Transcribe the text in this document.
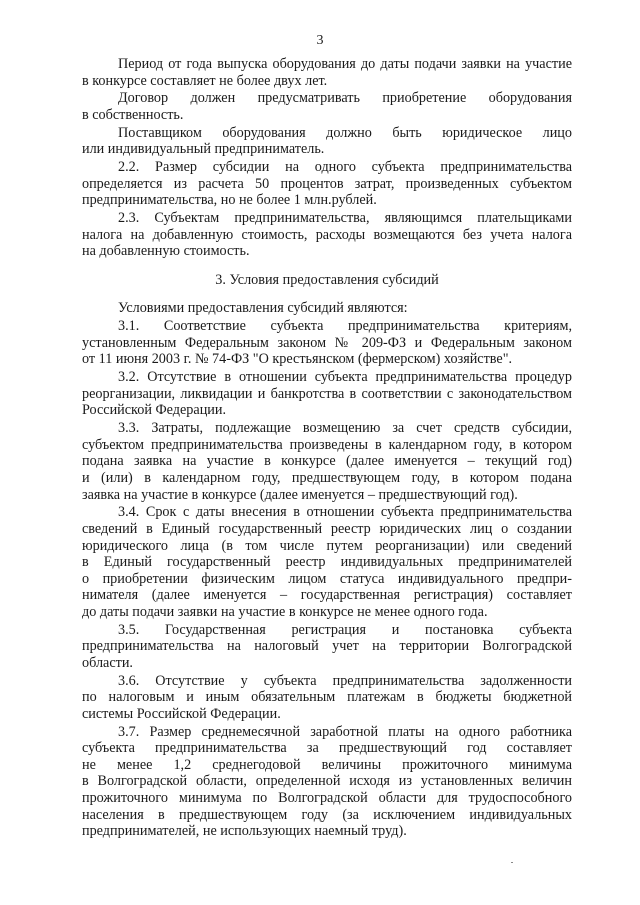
3
Период от года выпуска оборудования до даты подачи заявки на участие
в конкурсе составляет не более двух лет.
Договор должен предусматривать приобретение оборудования
в собственность.
Поставщиком оборудования должно быть юридическое лицо
или индивидуальный предприниматель.
2.2. Размер субсидии на одного субъекта предпринимательства
определяется из расчета 50 процентов затрат, произведенных субъектом
предпринимательства, но не более 1 млн.рублей.
2.3. Субъектам предпринимательства, являющимся плательщиками
налога на добавленную стоимость, расходы возмещаются без учета налога
на добавленную стоимость.
3. Условия предоставления субсидий
Условиями предоставления субсидий являются:
3.1. Соответствие субъекта предпринимательства критериям,
установленным Федеральным законом № 209-ФЗ и Федеральным законом
от 11 июня 2003 г. № 74-ФЗ "О крестьянском (фермерском) хозяйстве".
3.2. Отсутствие в отношении субъекта предпринимательства процедур
реорганизации, ликвидации и банкротства в соответствии с законодательством
Российской Федерации.
3.3. Затраты, подлежащие возмещению за счет средств субсидии,
субъектом предпринимательства произведены в календарном году, в котором
подана заявка на участие в конкурсе (далее именуется – текущий год)
и (или) в календарном году, предшествующем году, в котором подана
заявка на участие в конкурсе (далее именуется – предшествующий год).
3.4. Срок с даты внесения в отношении субъекта предпринимательства
сведений в Единый государственный реестр юридических лиц о создании
юридического лица (в том числе путем реорганизации) или сведений
в Единый государственный реестр индивидуальных предпринимателей
о приобретении физическим лицом статуса индивидуального предпри-
нимателя (далее именуется – государственная регистрация) составляет
до даты подачи заявки на участие в конкурсе не менее одного года.
3.5. Государственная регистрация и постановка субъекта
предпринимательства на налоговый учет на территории Волгоградской
области.
3.6. Отсутствие у субъекта предпринимательства задолженности
по налоговым и иным обязательным платежам в бюджеты бюджетной
системы Российской Федерации.
3.7. Размер среднемесячной заработной платы на одного работника
субъекта предпринимательства за предшествующий год составляет
не менее 1,2 среднегодовой величины прожиточного минимума
в Волгоградской области, определенной исходя из установленных величин
прожиточного минимума по Волгоградской области для трудоспособного
населения в предшествующем году (за исключением индивидуальных
предпринимателей, не использующих наемный труд).
